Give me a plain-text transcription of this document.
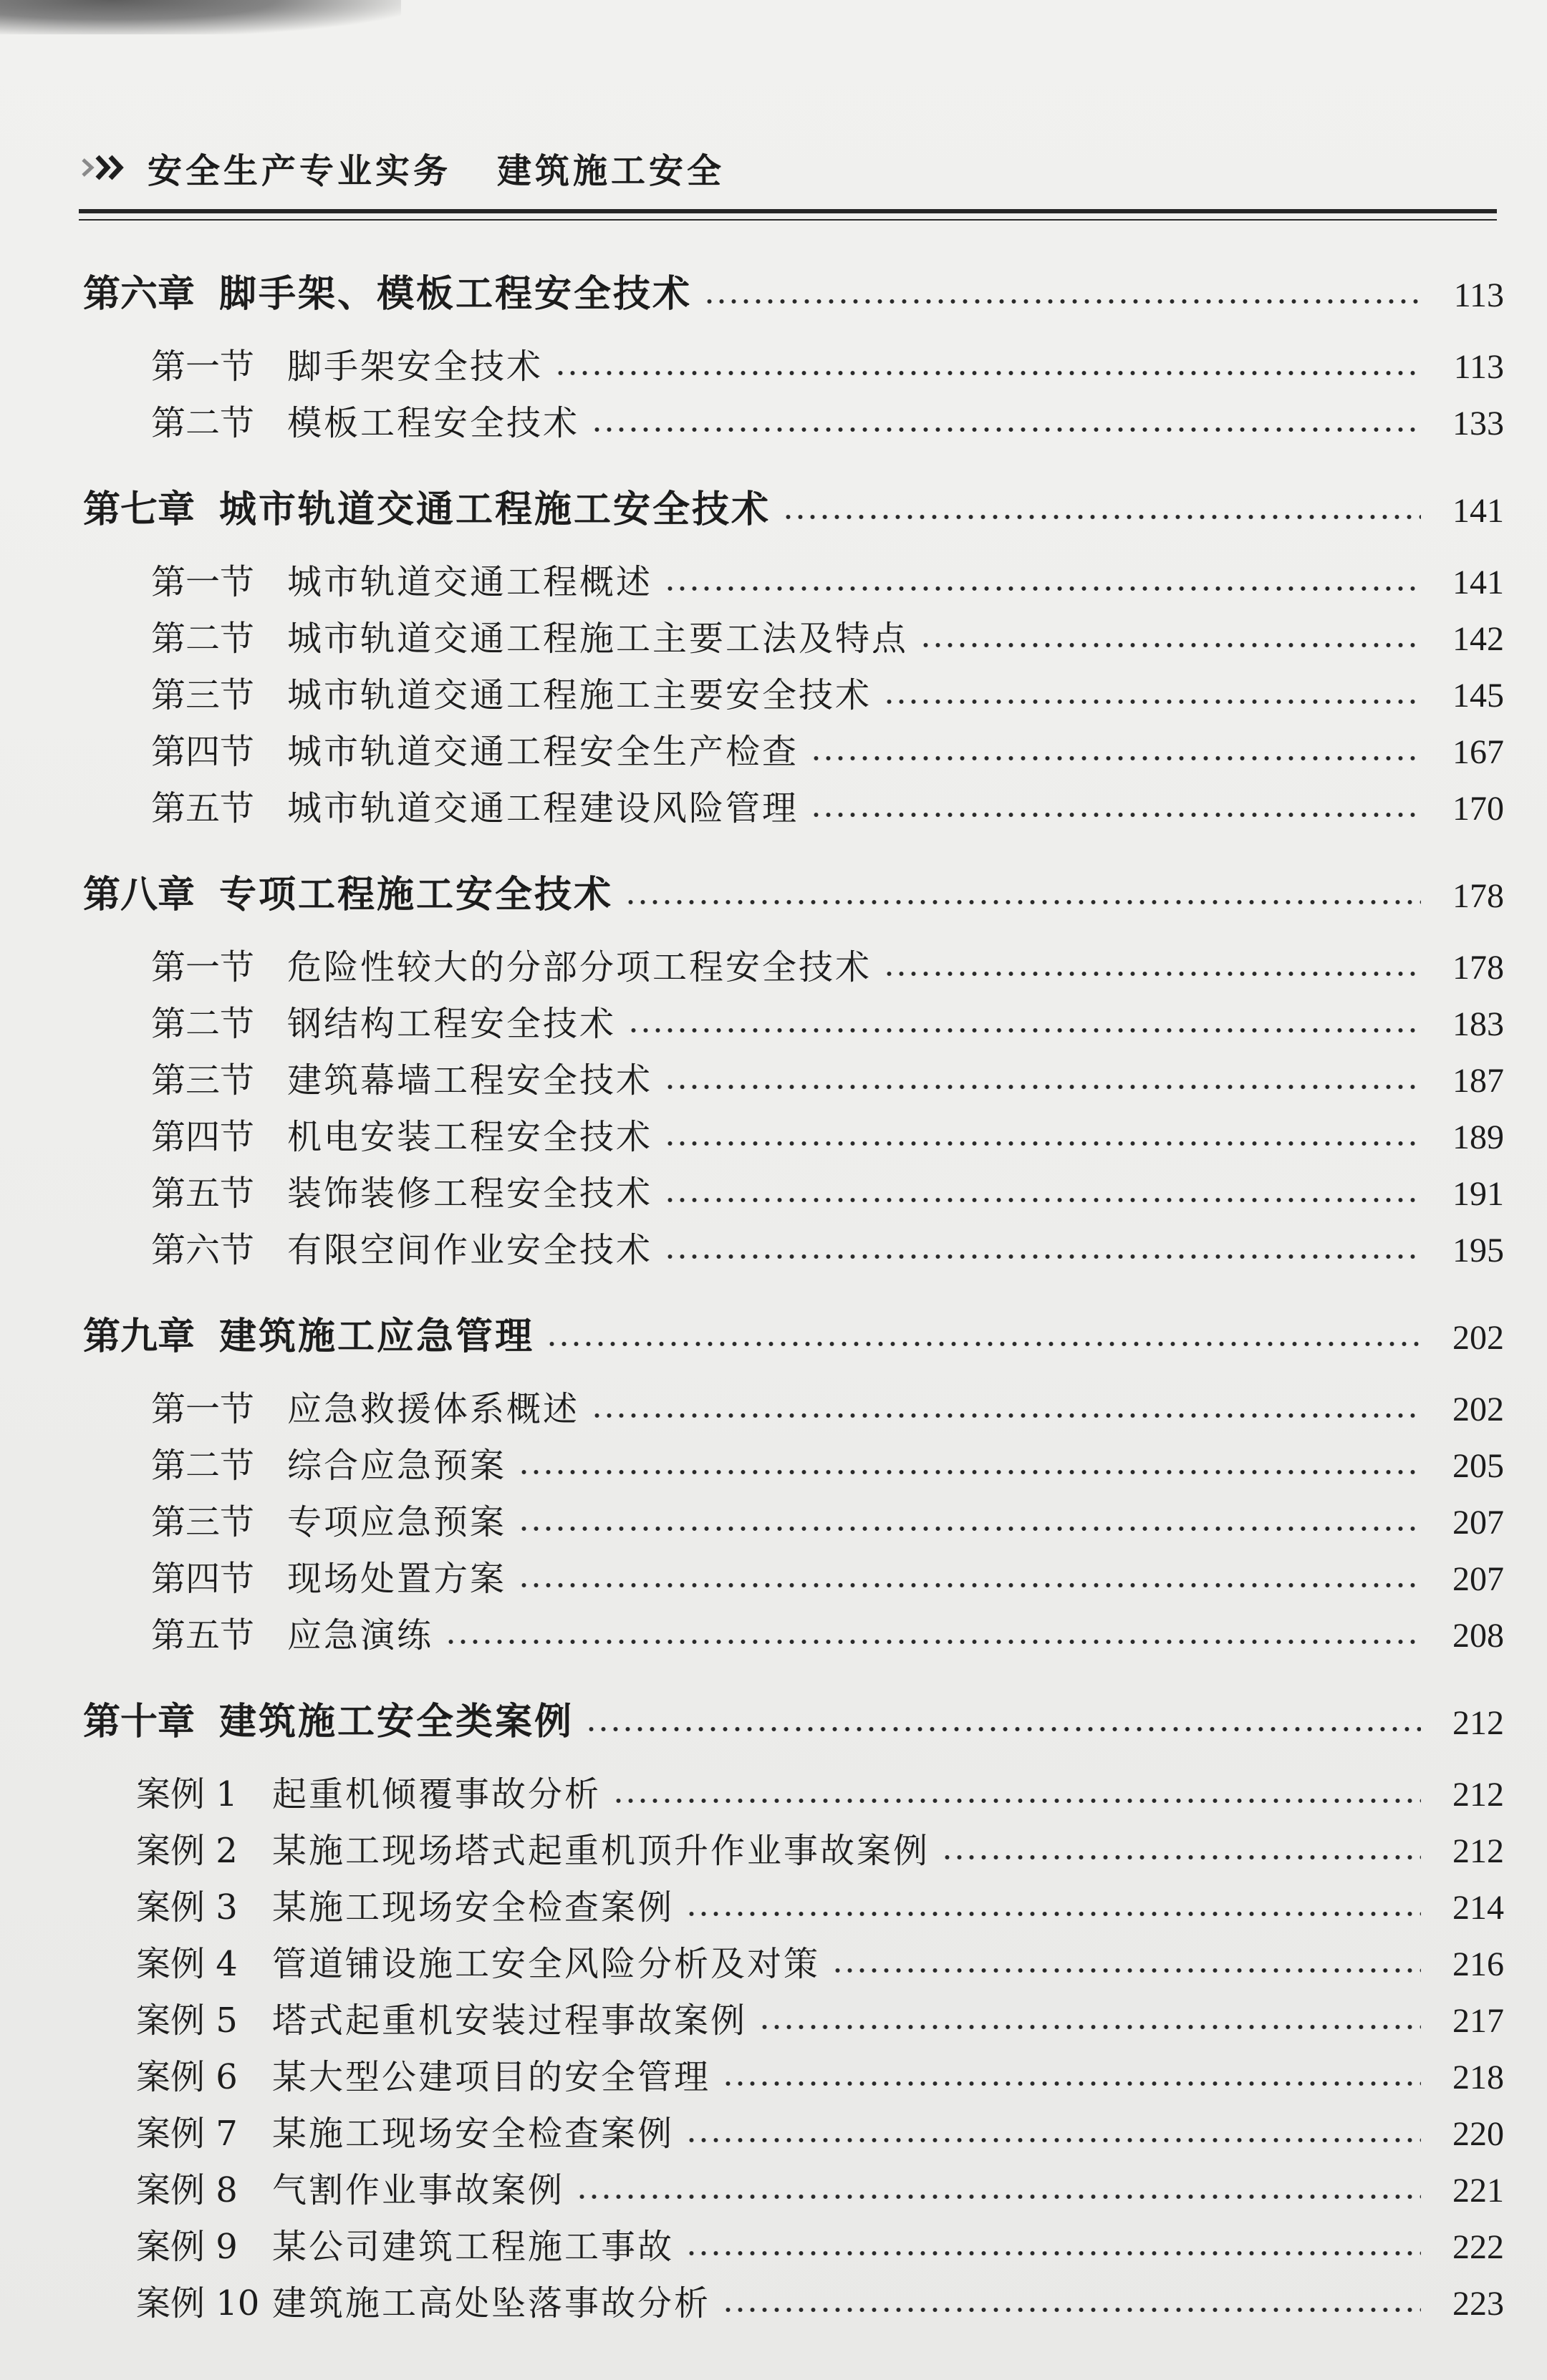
安全生产专业实务 建筑施工安全
第六章 脚手架、模板工程安全技术	113
第一节 脚手架安全技术	113
第二节 模板工程安全技术	133
第七章 城市轨道交通工程施工安全技术	141
第一节 城市轨道交通工程概述	141
第二节 城市轨道交通工程施工主要工法及特点	142
第三节 城市轨道交通工程施工主要安全技术	145
第四节 城市轨道交通工程安全生产检查	167
第五节 城市轨道交通工程建设风险管理	170
第八章 专项工程施工安全技术	178
第一节 危险性较大的分部分项工程安全技术	178
第二节 钢结构工程安全技术	183
第三节 建筑幕墙工程安全技术	187
第四节 机电安装工程安全技术	189
第五节 装饰装修工程安全技术	191
第六节 有限空间作业安全技术	195
第九章 建筑施工应急管理	202
第一节 应急救援体系概述	202
第二节 综合应急预案	205
第三节 专项应急预案	207
第四节 现场处置方案	207
第五节 应急演练	208
第十章 建筑施工安全类案例	212
案例 1	起重机倾覆事故分析	212
案例 2	某施工现场塔式起重机顶升作业事故案例	212
案例 3	某施工现场安全检查案例	214
案例 4	管道铺设施工安全风险分析及对策	216
案例 5	塔式起重机安装过程事故案例	217
案例 6	某大型公建项目的安全管理	218
案例 7	某施工现场安全检查案例	220
案例 8	气割作业事故案例	221
案例 9	某公司建筑工程施工事故	222
案例 10 建筑施工高处坠落事故分析	223
